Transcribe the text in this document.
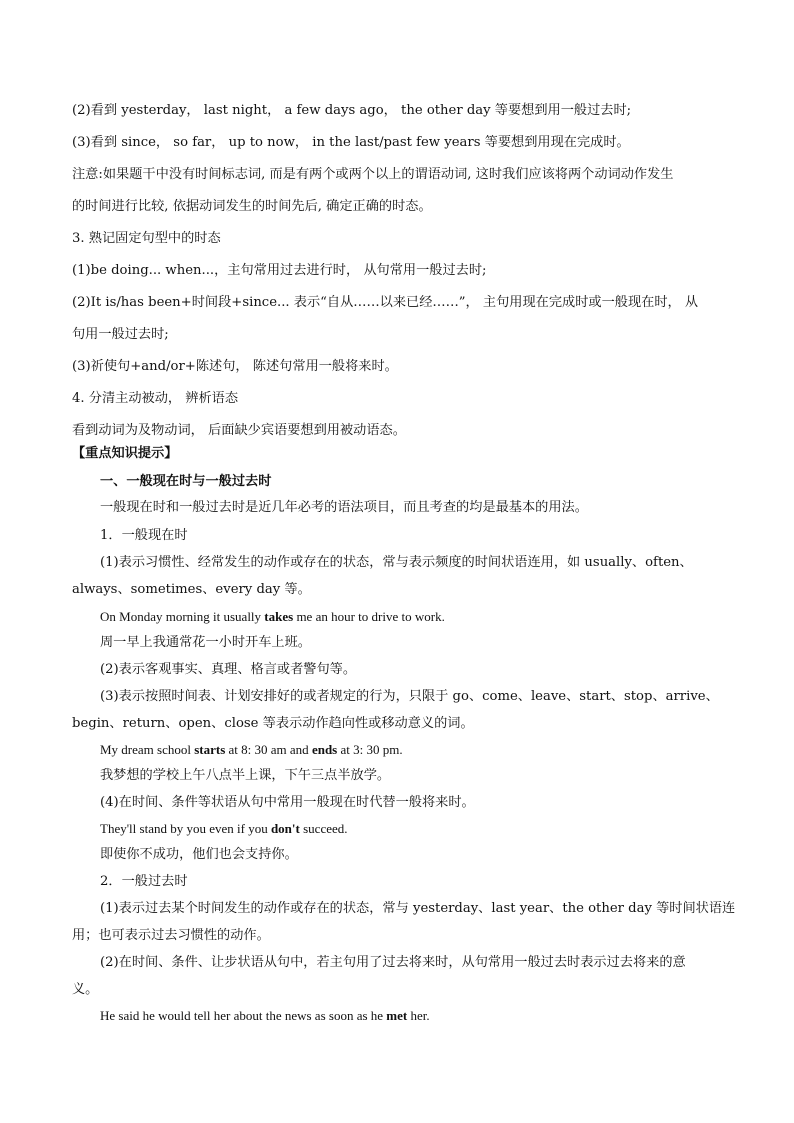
(2)看到 yesterday， last night， a few days ago， the other day 等要想到用一般过去时;
(3)看到 since， so far， up to now， in the last/past few years 等要想到用现在完成时。
注意:如果题干中没有时间标志词, 而是有两个或两个以上的谓语动词, 这时我们应该将两个动词动作发生
的时间进行比较, 依据动词发生的时间先后, 确定正确的时态。
3. 熟记固定句型中的时态
(1)be doing... when...，主句常用过去进行时， 从句常用一般过去时;
(2)It is/has been+时间段+since... 表示“自从……以来已经……”， 主句用现在完成时或一般现在时， 从
句用一般过去时;
(3)祈使句+and/or+陈述句， 陈述句常用一般将来时。
4. 分清主动被动， 辨析语态
看到动词为及物动词， 后面缺少宾语要想到用被动语态。
【重点知识提示】
一、一般现在时与一般过去时
一般现在时和一般过去时是近几年必考的语法项目，而且考查的均是最基本的用法。
1．一般现在时
(1)表示习惯性、经常发生的动作或存在的状态，常与表示频度的时间状语连用，如 usually、often、
always、sometimes、every day 等。
On Monday morning it usually takes me an hour to drive to work.
周一早上我通常花一小时开车上班。
(2)表示客观事实、真理、格言或者警句等。
(3)表示按照时间表、计划安排好的或者规定的行为，只限于 go、come、leave、start、stop、arrive、
begin、return、open、close 等表示动作趋向性或移动意义的词。
My dream school starts at 8: 30 am and ends at 3: 30 pm.
我梦想的学校上午八点半上课，下午三点半放学。
(4)在时间、条件等状语从句中常用一般现在时代替一般将来时。
They'll stand by you even if you don't succeed.
即使你不成功，他们也会支持你。
2．一般过去时
(1)表示过去某个时间发生的动作或存在的状态，常与 yesterday、last year、the other day 等时间状语连
用；也可表示过去习惯性的动作。
(2)在时间、条件、让步状语从句中，若主句用了过去将来时，从句常用一般过去时表示过去将来的意
义。
He said he would tell her about the news as soon as he met her.
